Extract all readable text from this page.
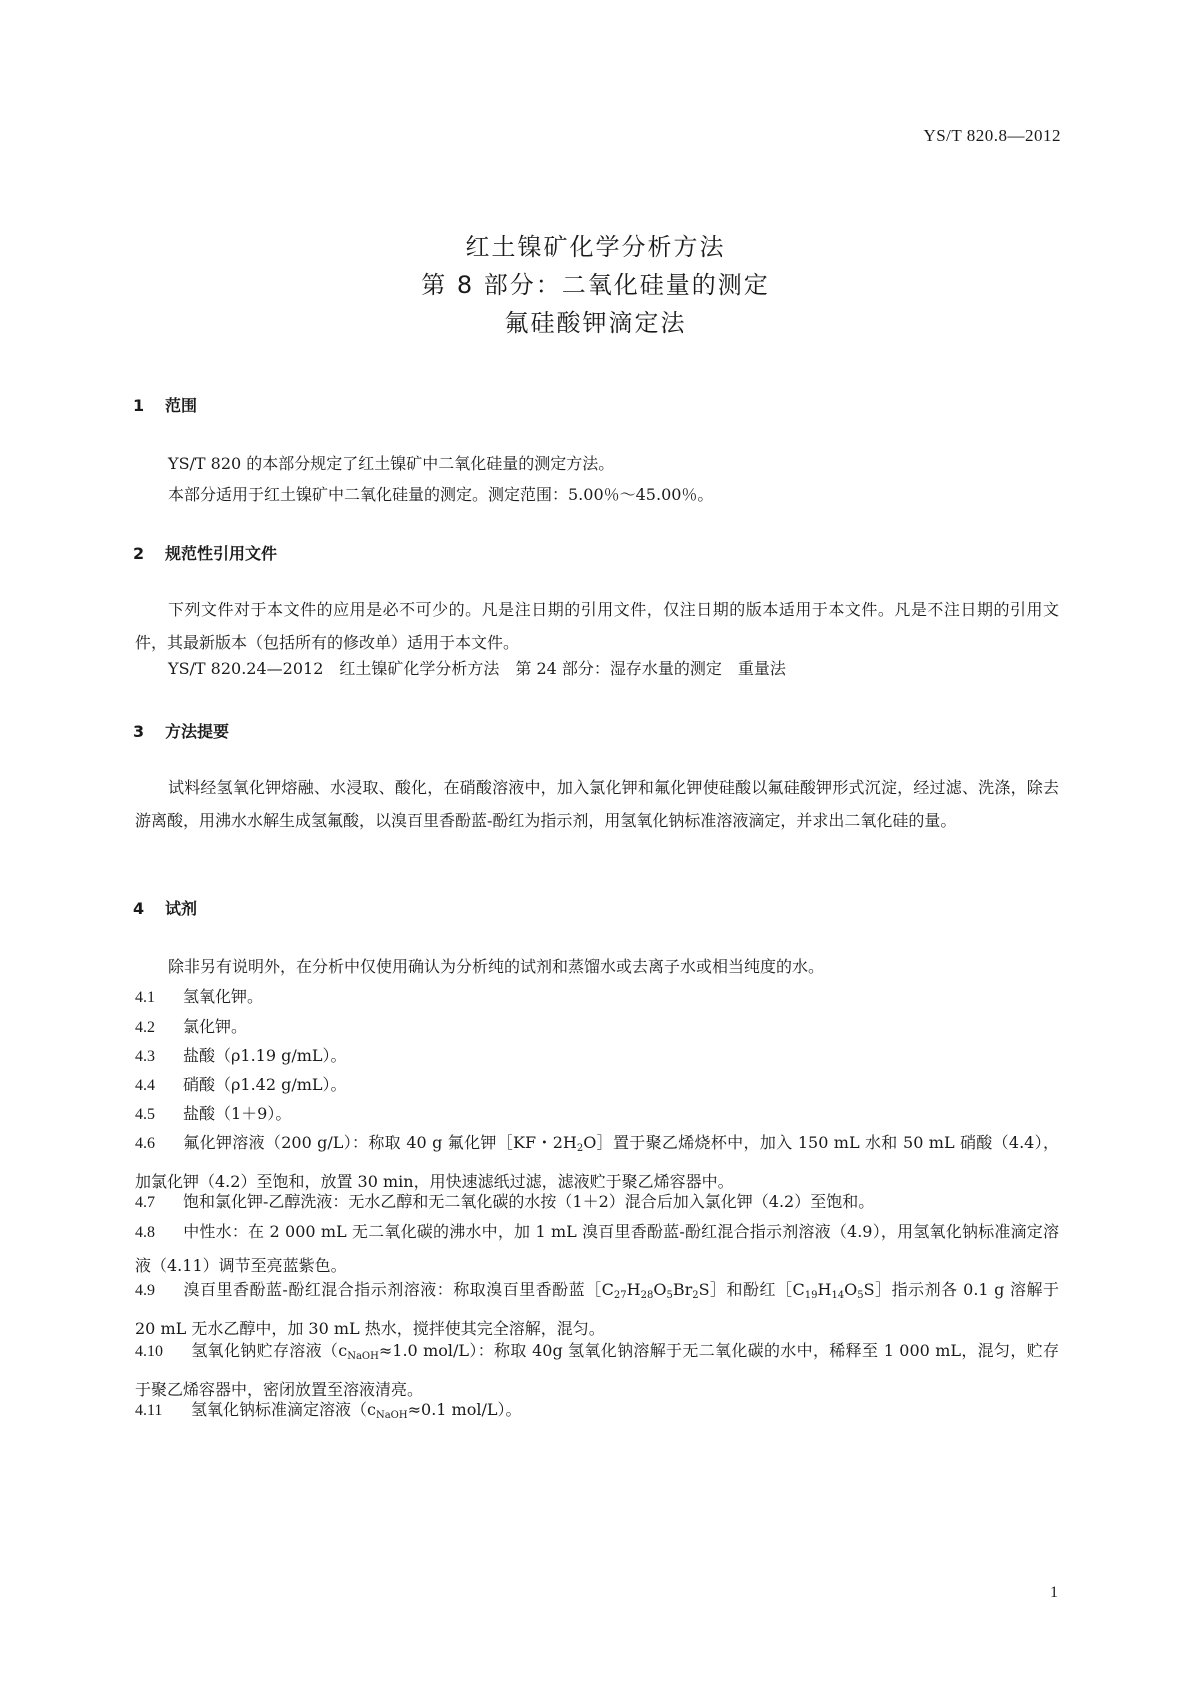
YS/T 820.8—2012
红土镍矿化学分析方法
第 8 部分：二氧化硅量的测定
氟硅酸钾滴定法
1 范围
YS/T 820 的本部分规定了红土镍矿中二氧化硅量的测定方法。
本部分适用于红土镍矿中二氧化硅量的测定。测定范围：5.00％～45.00％。
2 规范性引用文件
下列文件对于本文件的应用是必不可少的。凡是注日期的引用文件，仅注日期的版本适用于本文件。凡是不注日期的引用文件，其最新版本（包括所有的修改单）适用于本文件。
YS/T 820.24—2012　红土镍矿化学分析方法　第 24 部分：湿存水量的测定　重量法
3 方法提要
试料经氢氧化钾熔融、水浸取、酸化，在硝酸溶液中，加入氯化钾和氟化钾使硅酸以氟硅酸钾形式沉淀，经过滤、洗涤，除去游离酸，用沸水水解生成氢氟酸，以溴百里香酚蓝-酚红为指示剂，用氢氧化钠标准溶液滴定，并求出二氧化硅的量。
4 试剂
除非另有说明外，在分析中仅使用确认为分析纯的试剂和蒸馏水或去离子水或相当纯度的水。
4.1 氢氧化钾。
4.2 氯化钾。
4.3 盐酸（ρ1.19 g/mL）。
4.4 硝酸（ρ1.42 g/mL）。
4.5 盐酸（1＋9）。
4.6 氟化钾溶液（200 g/L）：称取 40 g 氟化钾［KF・$2H_2O]$置于聚乙烯烧杯中，加入 150 mL 水和 50 mL 硝酸（4.4），加氯化钾（4.2）至饱和，放置 30 min，用快速滤纸过滤，滤液贮于聚乙烯容器中。
4.7 饱和氯化钾-乙醇洗液：无水乙醇和无二氧化碳的水按（1＋2）混合后加入氯化钾（4.2）至饱和。
4.8 中性水：在 2 000 mL 无二氧化碳的沸水中，加 1 mL 溴百里香酚蓝-酚红混合指示剂溶液（4.9），用氢氧化钠标准滴定溶液（4.11）调节至亮蓝紫色。
4.9 溴百里香酚蓝-酚红混合指示剂溶液：称取溴百里香酚蓝$[C_{27}H_{28}O_5Br_2S]$和酚红$[C_{19}H_{14}O_5S]$指示剂各 0.1 g 溶解于 20 mL 无水乙醇中，加 30 mL 热水，搅拌使其完全溶解，混匀。
4.10 氢氧化钠贮存溶液（$c_{NaOH}\approx 1.0$ mol/L）：称取 40g 氢氧化钠溶解于无二氧化碳的水中，稀释至 1 000 mL，混匀，贮存于聚乙烯容器中，密闭放置至溶液清亮。
4.11 氢氧化钠标准滴定溶液（$c_{NaOH}\approx 0.1$ mol/L）。
1
